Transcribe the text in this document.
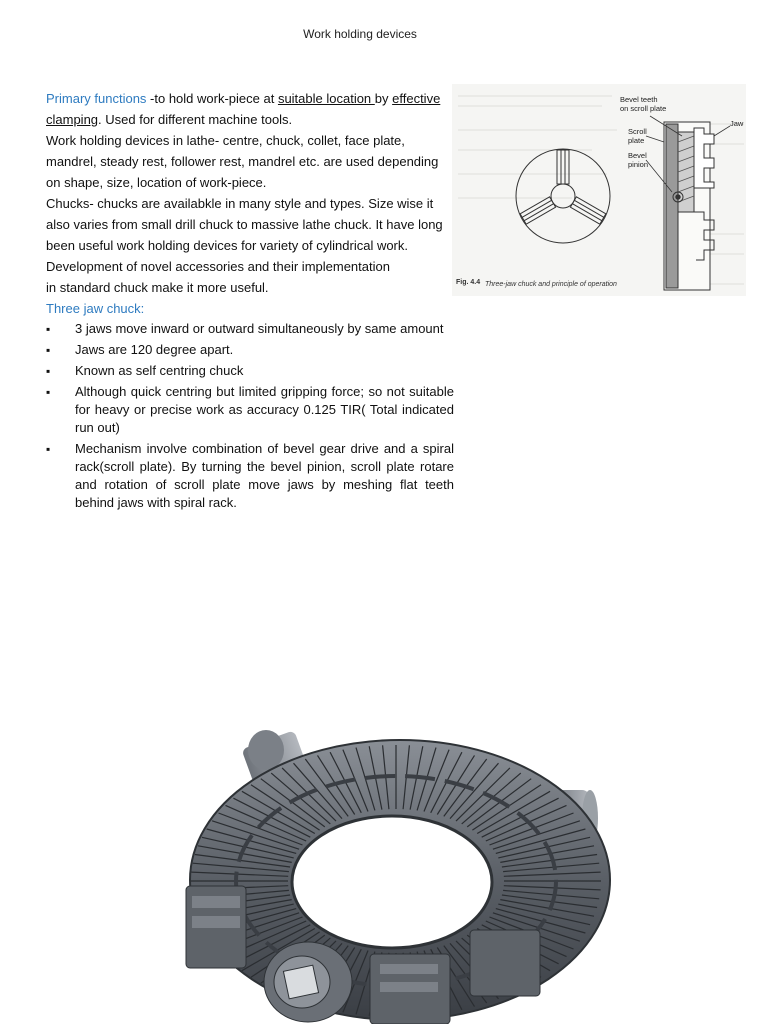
Work holding devices

Primary functions -to hold work-piece at suitable location by effective clamping. Used for different machine tools.

Work holding devices in lathe- centre, chuck, collet, face plate, mandrel, steady rest, follower rest, mandrel etc. are used depending on shape, size, location of work-piece.

Chucks- chucks are availabkle in many style and types. Size wise it also varies from small drill chuck to massive lathe chuck. It have long been useful work holding devices for variety of cylindrical work. Development of novel accessories and their implementation

in standard chuck make it more useful.

Three jaw chuck:

▪ 3 jaws move inward or outward simultaneously by same amount
▪ Jaws are 120 degree apart.
▪ Known as self centring chuck
▪ Although quick centring but limited gripping force; so not suitable for heavy or precise work as accuracy 0.125 TIR( Total indicated run out)
▪ Mechanism involve combination of bevel gear drive and a spiral rack(scroll plate). By turning the bevel pinion, scroll plate rotare and rotation of scroll plate move jaws by meshing flat teeth behind jaws with spiral rack.
Bevel teeth
on scroll plate
Scroll
plate
Bevel
pinion
Jaw
Fig. 4.4 Three-jaw chuck and principle of operation
